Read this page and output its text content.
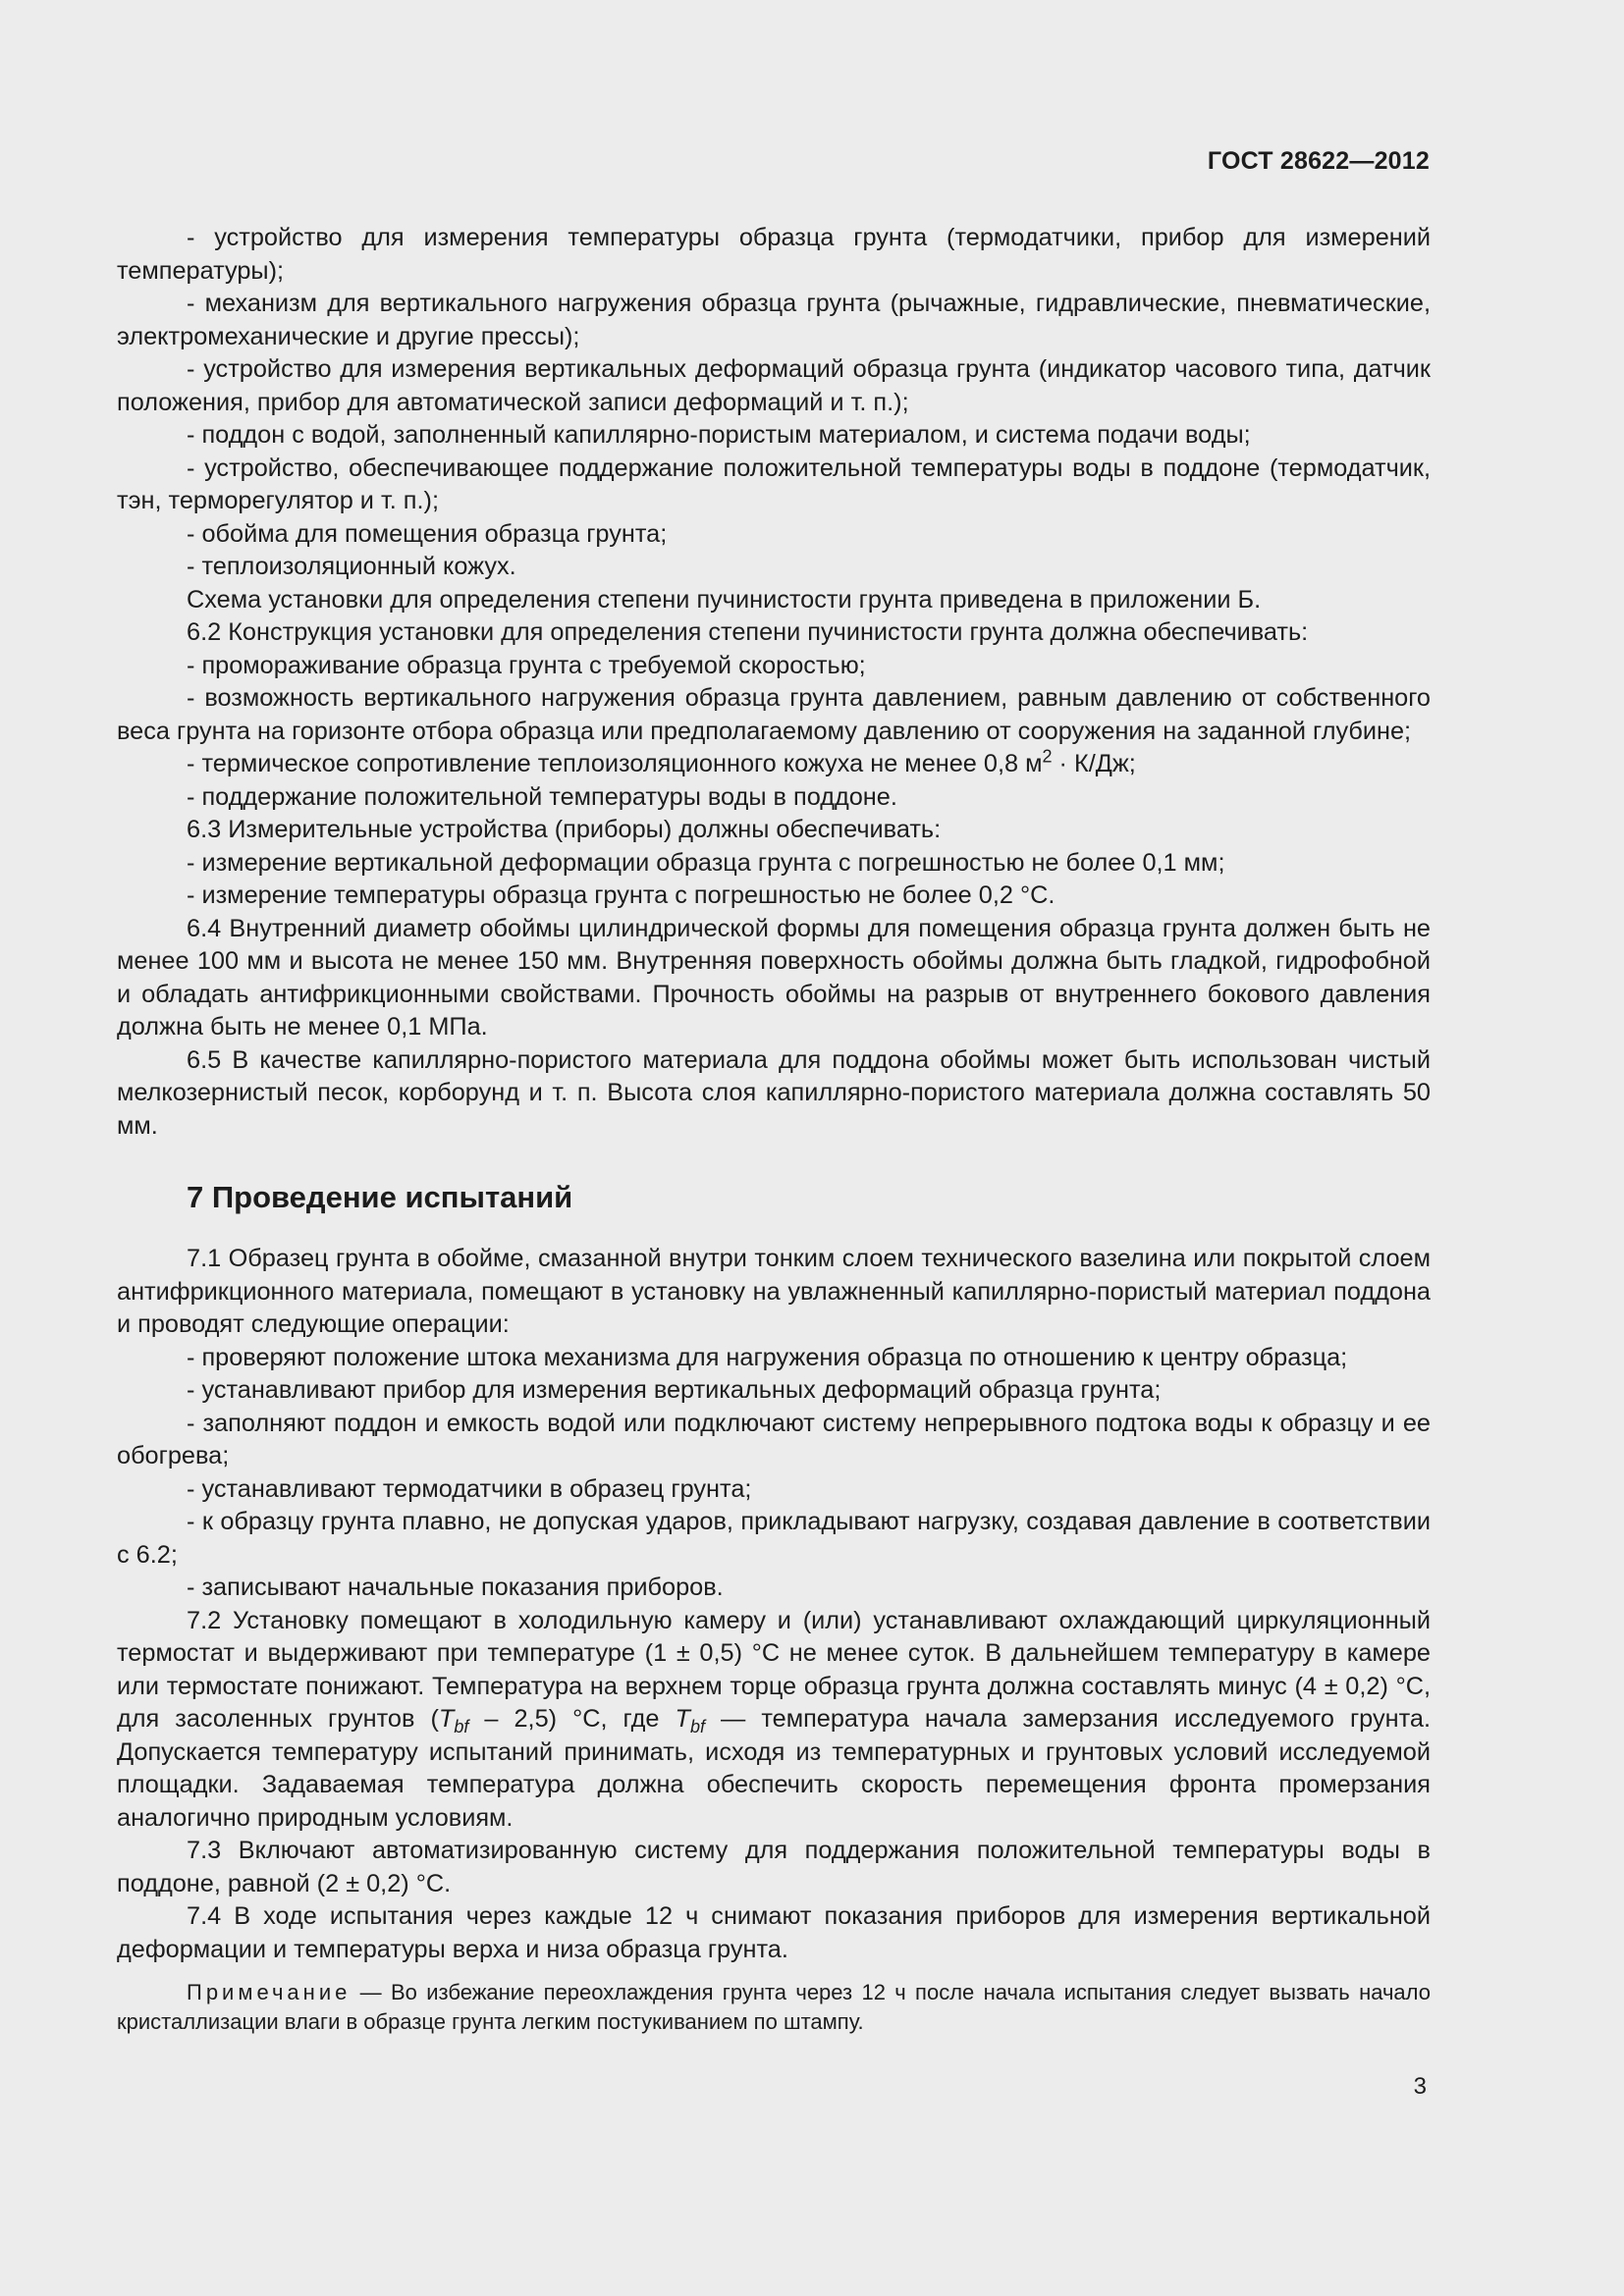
ГОСТ 28622—2012

- устройство для измерения температуры образца грунта (термодатчики, прибор для измерений температуры);

- механизм для вертикального нагружения образца грунта (рычажные, гидравлические, пневматические, электромеханические и другие прессы);

- устройство для измерения вертикальных деформаций образца грунта (индикатор часового типа, датчик положения, прибор для автоматической записи деформаций и т. п.);

- поддон с водой, заполненный капиллярно-пористым материалом, и система подачи воды;

- устройство, обеспечивающее поддержание положительной температуры воды в поддоне (термодатчик, тэн, терморегулятор и т. п.);

- обойма для помещения образца грунта;

- теплоизоляционный кожух.

Схема установки для определения степени пучинистости грунта приведена в приложении Б.

6.2 Конструкция установки для определения степени пучинистости грунта должна обеспечивать:

- промораживание образца грунта с требуемой скоростью;

- возможность вертикального нагружения образца грунта давлением, равным давлению от собственного веса грунта на горизонте отбора образца или предполагаемому давлению от сооружения на заданной глубине;

- термическое сопротивление теплоизоляционного кожуха не менее 0,8 $м^2 \cdot К/Дж$;

- поддержание положительной температуры воды в поддоне.

6.3 Измерительные устройства (приборы) должны обеспечивать:

- измерение вертикальной деформации образца грунта с погрешностью не более 0,1 мм;

- измерение температуры образца грунта с погрешностью не более 0,2 °С.

6.4 Внутренний диаметр обоймы цилиндрической формы для помещения образца грунта должен быть не менее 100 мм и высота не менее 150 мм. Внутренняя поверхность обоймы должна быть гладкой, гидрофобной и обладать антифрикционными свойствами. Прочность обоймы на разрыв от внутреннего бокового давления должна быть не менее 0,1 МПа.

6.5 В качестве капиллярно-пористого материала для поддона обоймы может быть использован чистый мелкозернистый песок, корборунд и т. п. Высота слоя капиллярно-пористого материала должна составлять 50 мм.

7 Проведение испытаний

7.1 Образец грунта в обойме, смазанной внутри тонким слоем технического вазелина или покрытой слоем антифрикционного материала, помещают в установку на увлажненный капиллярно-пористый материал поддона и проводят следующие операции:

- проверяют положение штока механизма для нагружения образца по отношению к центру образца;

- устанавливают прибор для измерения вертикальных деформаций образца грунта;

- заполняют поддон и емкость водой или подключают систему непрерывного подтока воды к образцу и ее обогрева;

- устанавливают термодатчики в образец грунта;

- к образцу грунта плавно, не допуская ударов, прикладывают нагрузку, создавая давление в соответствии с 6.2;

- записывают начальные показания приборов.

7.2 Установку помещают в холодильную камеру и (или) устанавливают охлаждающий циркуляционный термостат и выдерживают при температуре (1 ± 0,5) °С не менее суток. В дальнейшем температуру в камере или термостате понижают. Температура на верхнем торце образца грунта должна составлять минус (4 ± 0,2) °С, для засоленных грунтов $(T_{bf} - 2,5)$ °С, где $T_{bf}$ — температура начала замерзания исследуемого грунта. Допускается температуру испытаний принимать, исходя из температурных и грунтовых условий исследуемой площадки. Задаваемая температура должна обеспечить скорость перемещения фронта промерзания аналогично природным условиям.

7.3 Включают автоматизированную систему для поддержания положительной температуры воды в поддоне, равной (2 ± 0,2) °С.

7.4 В ходе испытания через каждые 12 ч снимают показания приборов для измерения вертикальной деформации и температуры верха и низа образца грунта.

Примечание — Во избежание переохлаждения грунта через 12 ч после начала испытания следует вызвать начало кристаллизации влаги в образце грунта легким постукиванием по штампу.

3
